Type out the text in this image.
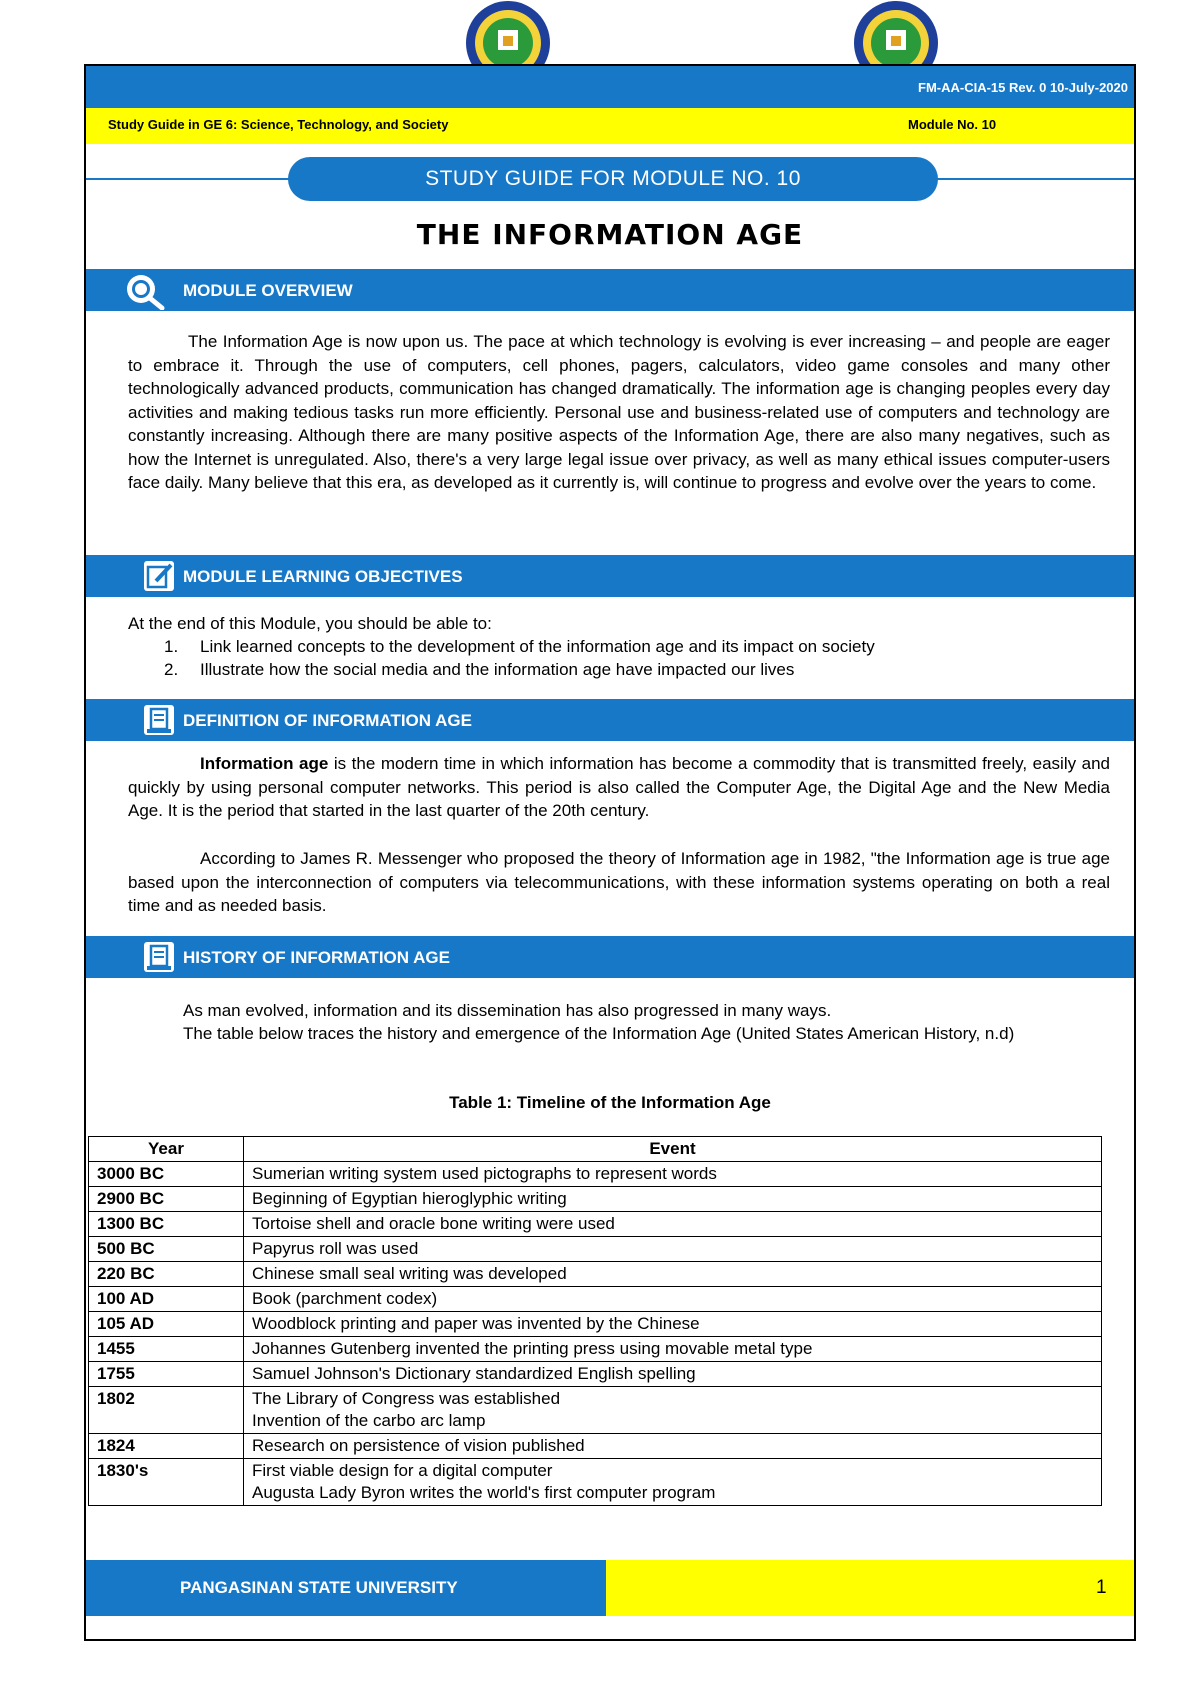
FM-AA-CIA-15 Rev. 0 10-July-2020
Study Guide in GE 6: Science, Technology, and Society	Module No. 10
STUDY GUIDE FOR MODULE NO. 10
THE INFORMATION AGE
MODULE OVERVIEW
The Information Age is now upon us. The pace at which technology is evolving is ever increasing – and people are eager to embrace it. Through the use of computers, cell phones, pagers, calculators, video game consoles and many other technologically advanced products, communication has changed dramatically. The information age is changing peoples every day activities and making tedious tasks run more efficiently. Personal use and business-related use of computers and technology are constantly increasing. Although there are many positive aspects of the Information Age, there are also many negatives, such as how the Internet is unregulated. Also, there's a very large legal issue over privacy, as well as many ethical issues computer-users face daily. Many believe that this era, as developed as it currently is, will continue to progress and evolve over the years to come.
MODULE LEARNING OBJECTIVES
At the end of this Module, you should be able to:
1. Link learned concepts to the development of the information age and its impact on society
2. Illustrate how the social media and the information age have impacted our lives
DEFINITION OF INFORMATION AGE
Information age is the modern time in which information has become a commodity that is transmitted freely, easily and quickly by using personal computer networks. This period is also called the Computer Age, the Digital Age and the New Media Age. It is the period that started in the last quarter of the 20th century.
According to James R. Messenger who proposed the theory of Information age in 1982, "the Information age is true age based upon the interconnection of computers via telecommunications, with these information systems operating on both a real time and as needed basis.
HISTORY OF INFORMATION AGE
As man evolved, information and its dissemination has also progressed in many ways.
The table below traces the history and emergence of the Information Age (United States American History, n.d)
Table 1: Timeline of the Information Age
Year	Event
3000 BC	Sumerian writing system used pictographs to represent words

2900 BC	Beginning of Egyptian hieroglyphic writing

1300 BC	Tortoise shell and oracle bone writing were used

500 BC	Papyrus roll was used

220 BC	Chinese small seal writing was developed

100 AD	Book (parchment codex)

105 AD	Woodblock printing and paper was invented by the Chinese

1455	Johannes Gutenberg invented the printing press using movable metal type

1755	Samuel Johnson's Dictionary standardized English spelling

1802	The Library of Congress was established
Invention of the carbo arc lamp

1824	Research on persistence of vision published

1830's	First viable design for a digital computer
Augusta Lady Byron writes the world's first computer program
PANGASINAN STATE UNIVERSITY	1
